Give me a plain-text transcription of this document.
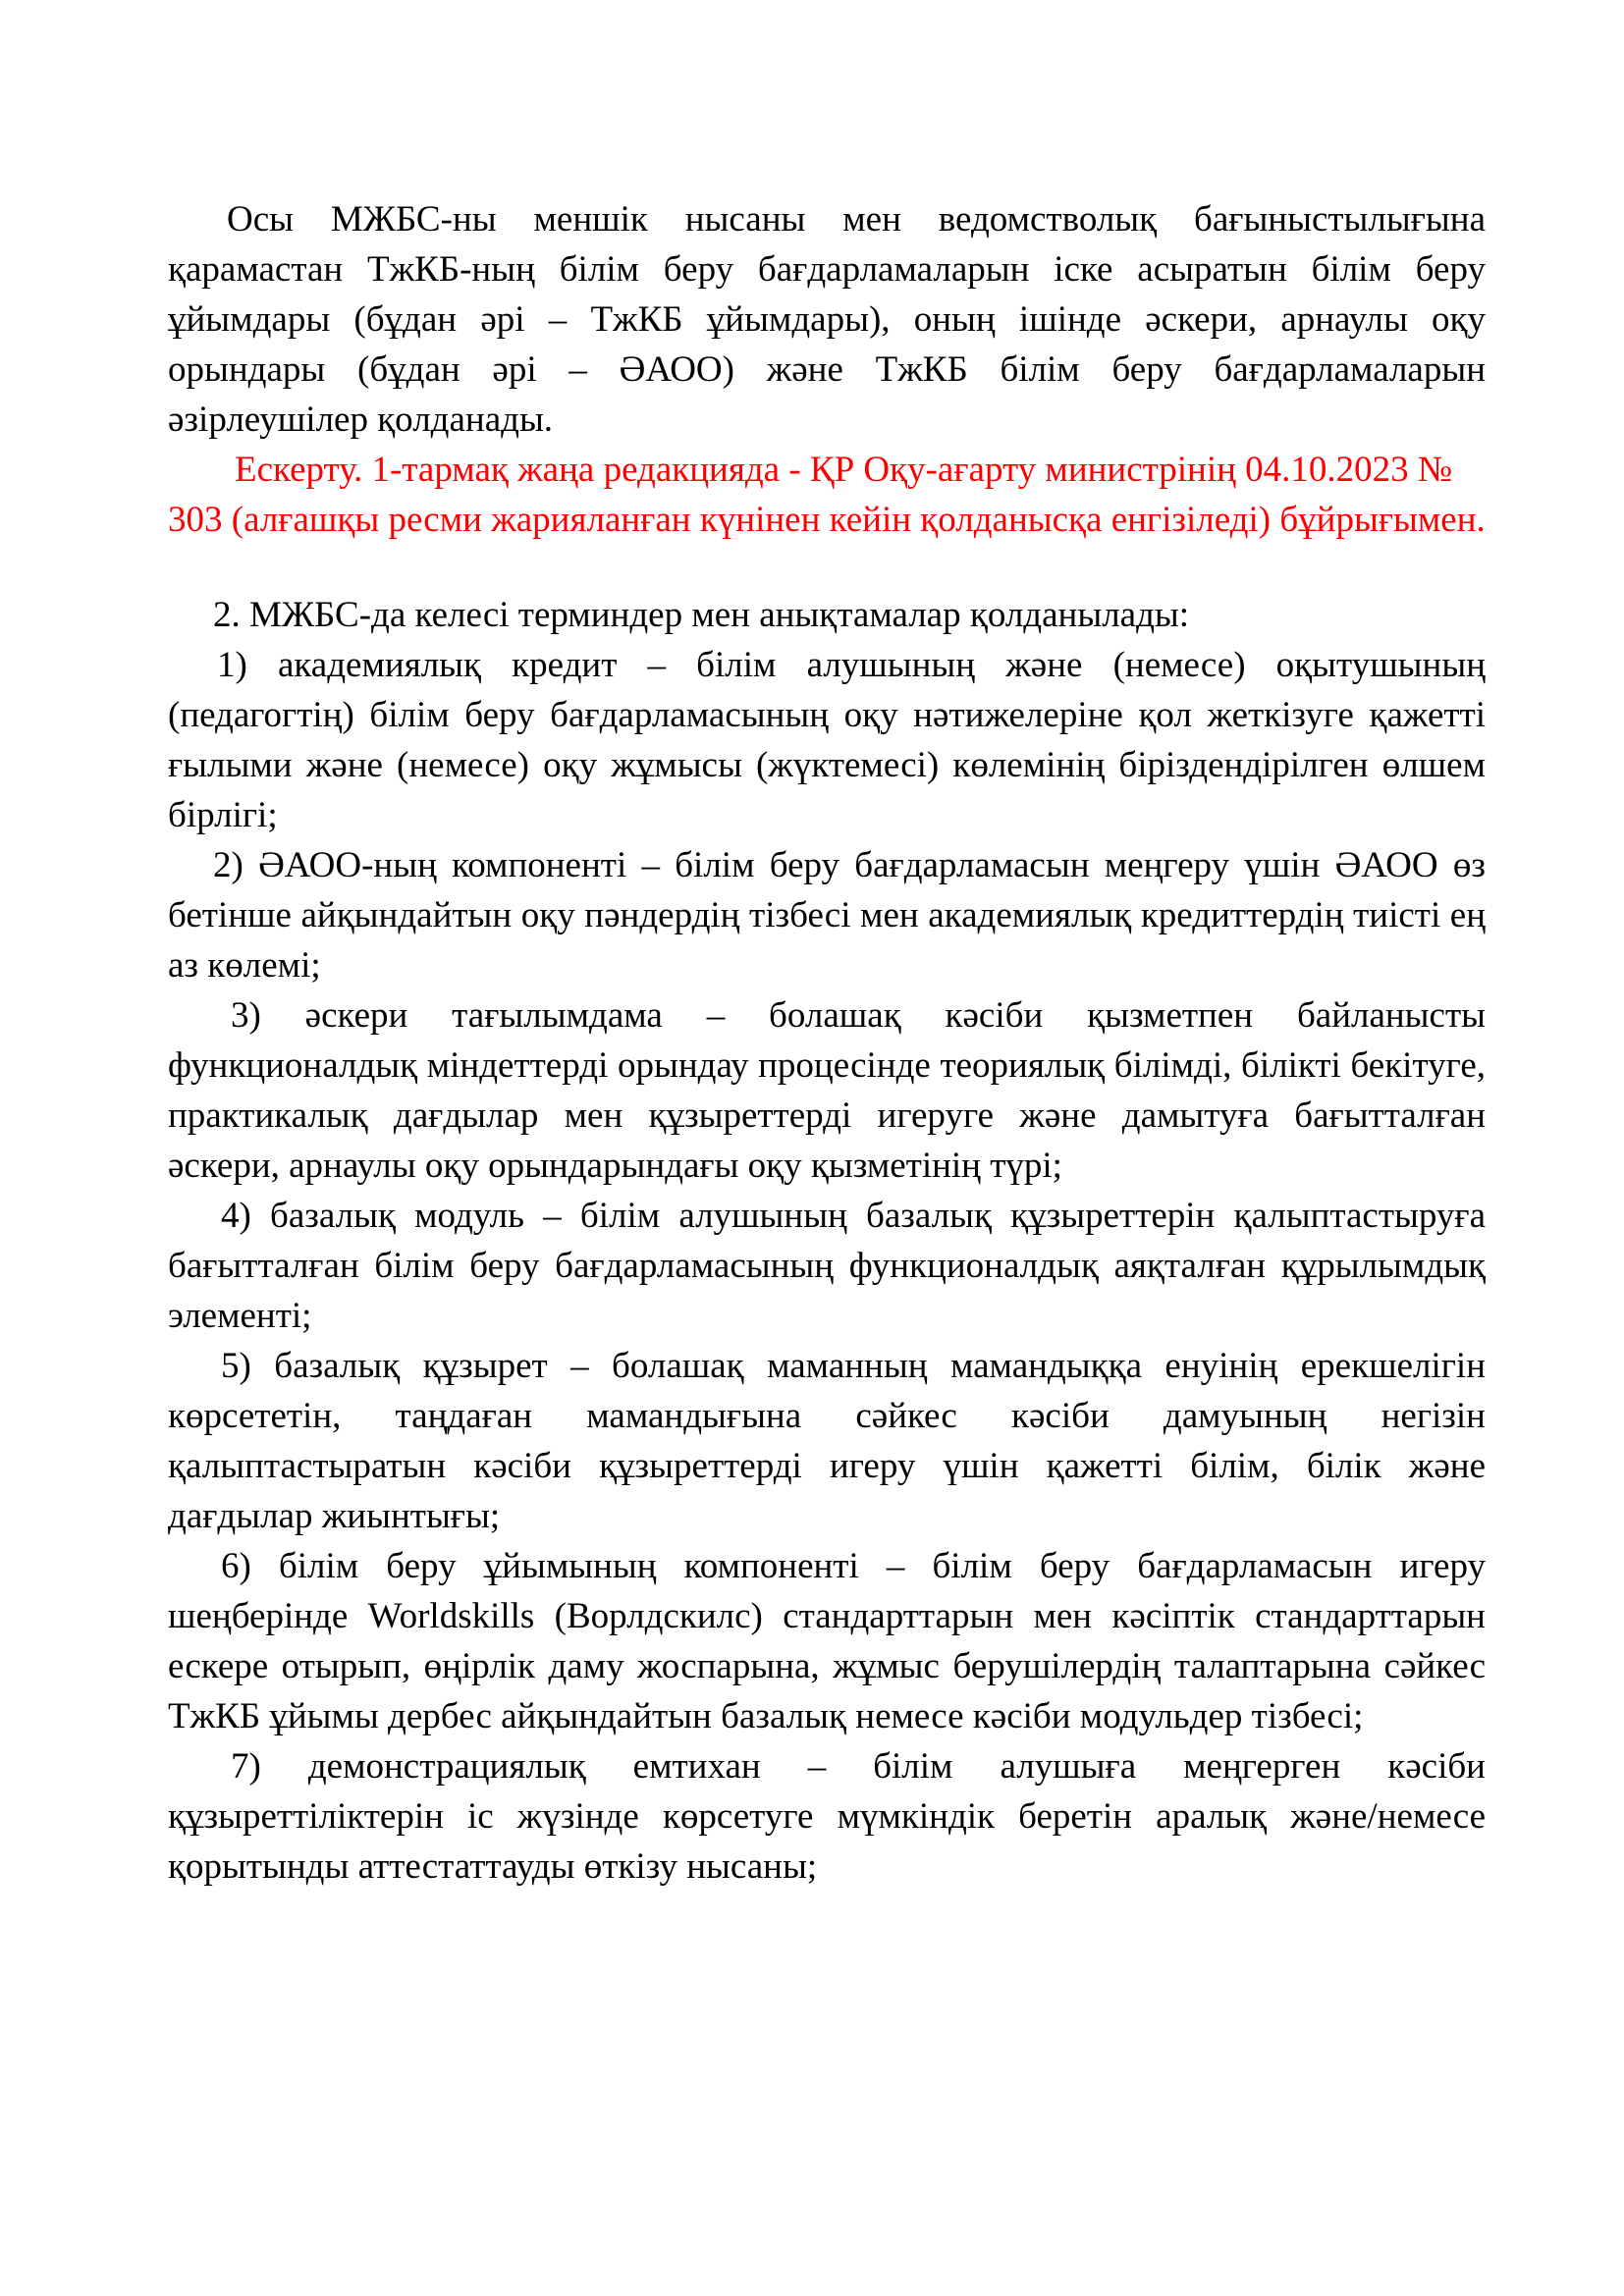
Осы МЖБС-ны меншік нысаны мен ведомстволық бағыныстылығына қарамастан ТжКБ-ның білім беру бағдарламаларын іске асыратын білім беру ұйымдары (бұдан әрі – ТжКБ ұйымдары), оның ішінде әскери, арнаулы оқу орындары (бұдан әрі – ӘАОО) және ТжКБ білім беру бағдарламаларын әзірлеушілер қолданады.

Ескерту. 1-тармақ жаңа редакцияда - ҚР Оқу-ағарту министрінің 04.10.2023 № 303 (алғашқы ресми жарияланған күнінен кейін қолданысқа енгізіледі) бұйрығымен.

2. МЖБС-да келесі терминдер мен анықтамалар қолданылады:

1) академиялық кредит – білім алушының және (немесе) оқытушының (педагогтің) білім беру бағдарламасының оқу нәтижелеріне қол жеткізуге қажетті ғылыми және (немесе) оқу жұмысы (жүктемесі) көлемінің біріздендірілген өлшем бірлігі;

2) ӘАОО-ның компоненті – білім беру бағдарламасын меңгеру үшін ӘАОО өз бетінше айқындайтын оқу пәндердің тізбесі мен академиялық кредиттердің тиісті ең аз көлемі;

3) әскери тағылымдама – болашақ кәсіби қызметпен байланысты функционалдық міндеттерді орындау процесінде теориялық білімді, білікті бекітуге, практикалық дағдылар мен құзыреттерді игеруге және дамытуға бағытталған әскери, арнаулы оқу орындарындағы оқу қызметінің түрі;

4) базалық модуль – білім алушының базалық құзыреттерін қалыптастыруға бағытталған білім беру бағдарламасының функционалдық аяқталған құрылымдық элементі;

5) базалық құзырет – болашақ маманның мамандыққа енуінің ерекшелігін көрсететін, таңдаған мамандығына сәйкес кәсіби дамуының негізін қалыптастыратын кәсіби құзыреттерді игеру үшін қажетті білім, білік және дағдылар жиынтығы;

6) білім беру ұйымының компоненті – білім беру бағдарламасын игеру шеңберінде Worldskills (Ворлдскилс) стандарттарын мен кәсіптік стандарттарын ескере отырып, өңірлік даму жоспарына, жұмыс берушілердің талаптарына сәйкес ТжКБ ұйымы дербес айқындайтын базалық немесе кәсіби модульдер тізбесі;

7) демонстрациялық емтихан – білім алушыға меңгерген кәсіби құзыреттіліктерін іс жүзінде көрсетуге мүмкіндік беретін аралық және/немесе қорытынды аттестаттауды өткізу нысаны;
